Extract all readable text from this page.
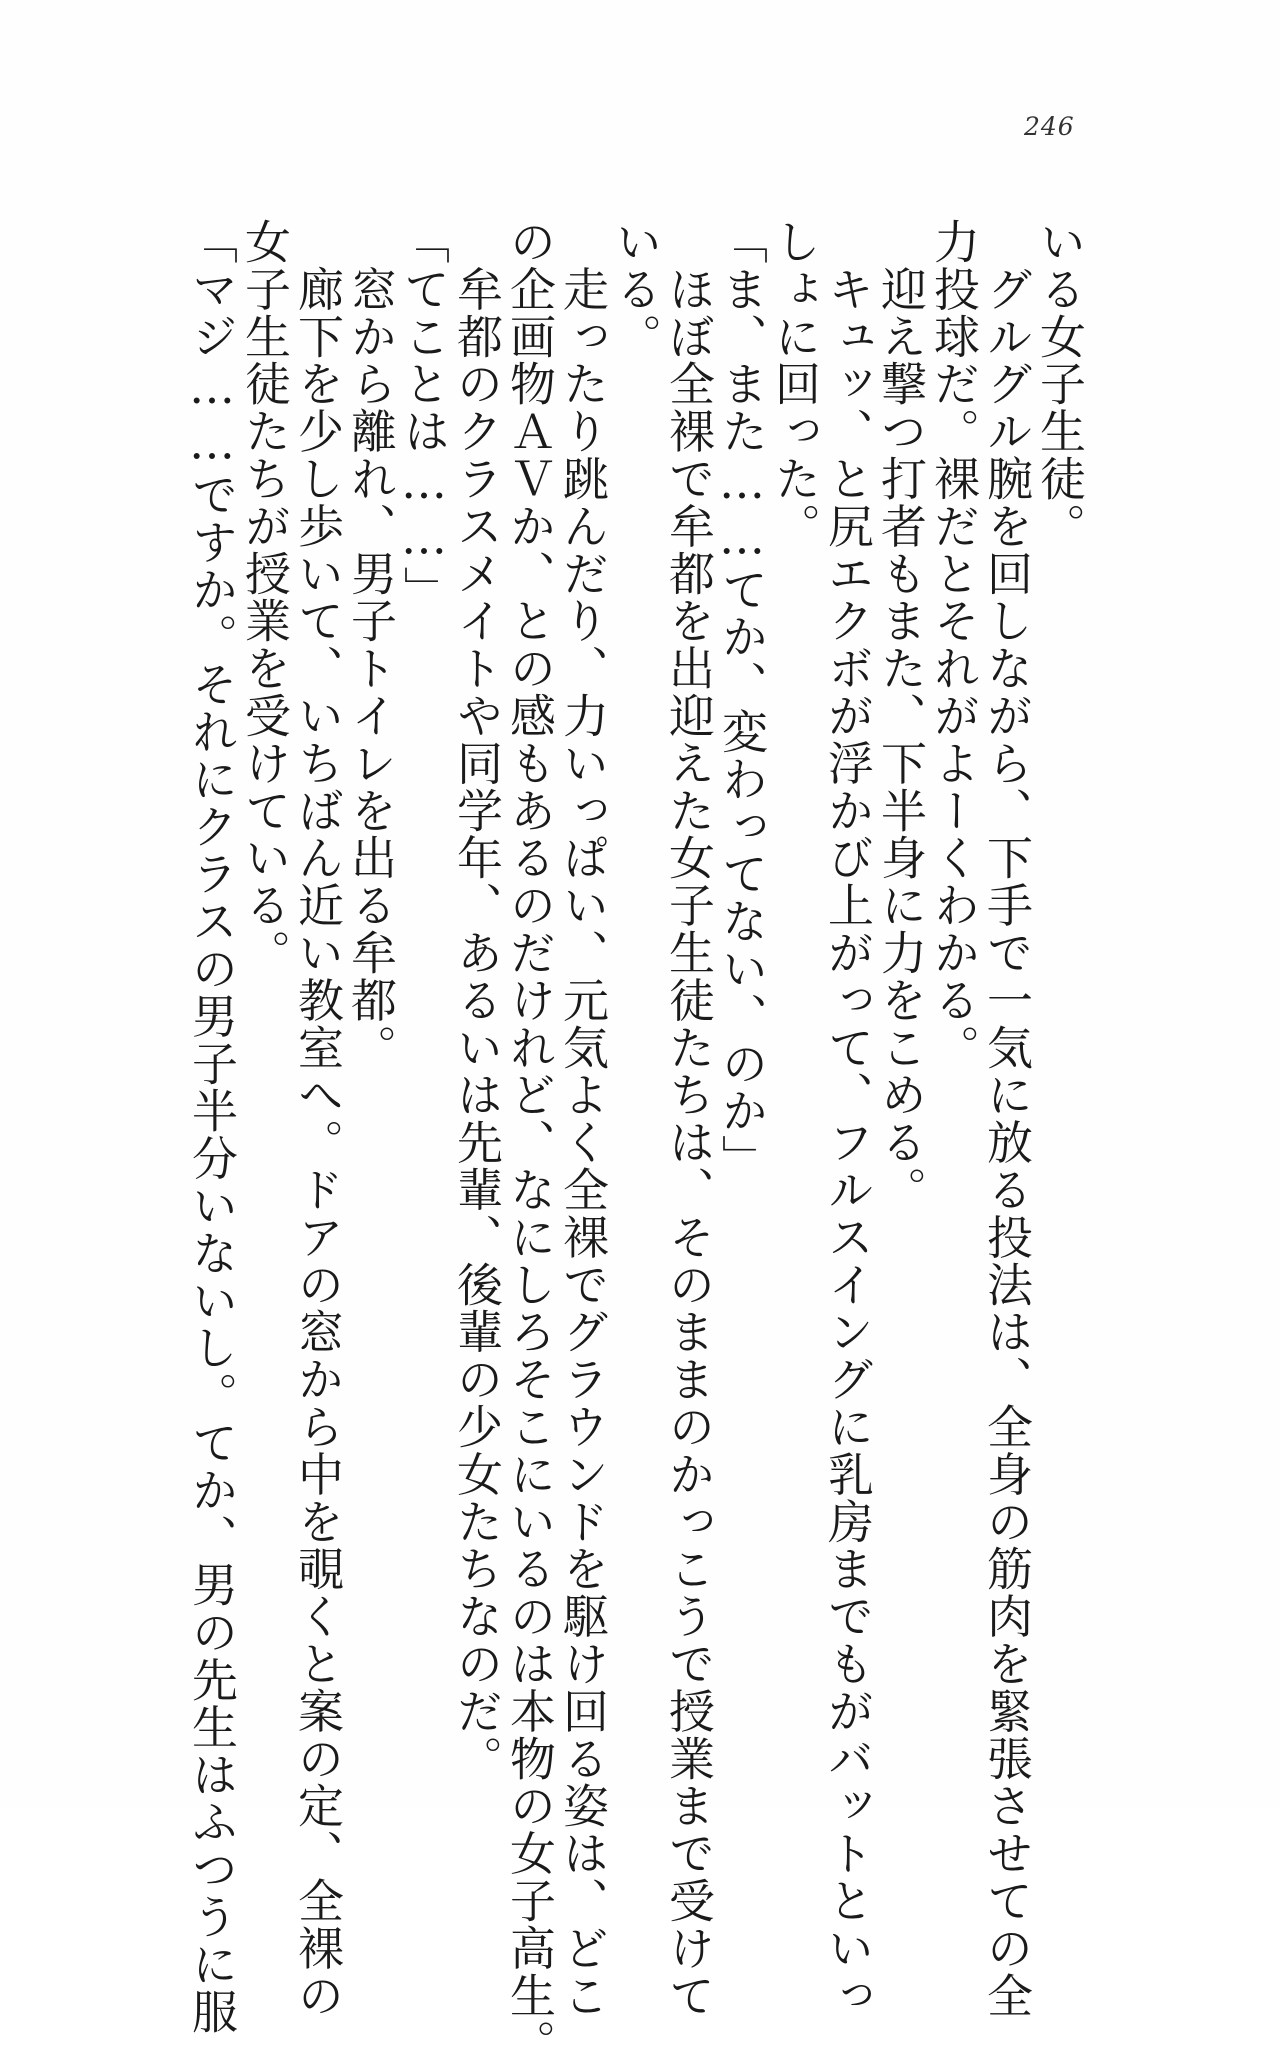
246
いる女子生徒。
　グルグル腕を回しながら、下手で一気に放る投法は、全身の筋肉を緊張させての全
力投球だ。裸だとそれがよーくわかる。
　迎え撃つ打者もまた、下半身に力をこめる。
　キュッ、と尻エクボが浮かび上がって、フルスイングに乳房までもがバットといっ
しょに回った。
「ま、また……てか、変わってない、のか」
　ほぼ全裸で牟都を出迎えた女子生徒たちは、そのままのかっこうで授業まで受けて
いる。
　走ったり跳んだり、力いっぱい、元気よく全裸でグラウンドを駆け回る姿は、どこ
の企画物ＡＶか、との感もあるのだけれど、なにしろそこにいるのは本物の女子高生。
　牟都のクラスメイトや同学年、あるいは先輩、後輩の少女たちなのだ。
「てことは……」
　窓から離れ、男子トイレを出る牟都。
　廊下を少し歩いて、いちばん近い教室へ。ドアの窓から中を覗くと案の定、全裸の
女子生徒たちが授業を受けている。
「マジ……ですか。それにクラスの男子半分いないし。てか、男の先生はふつうに服
